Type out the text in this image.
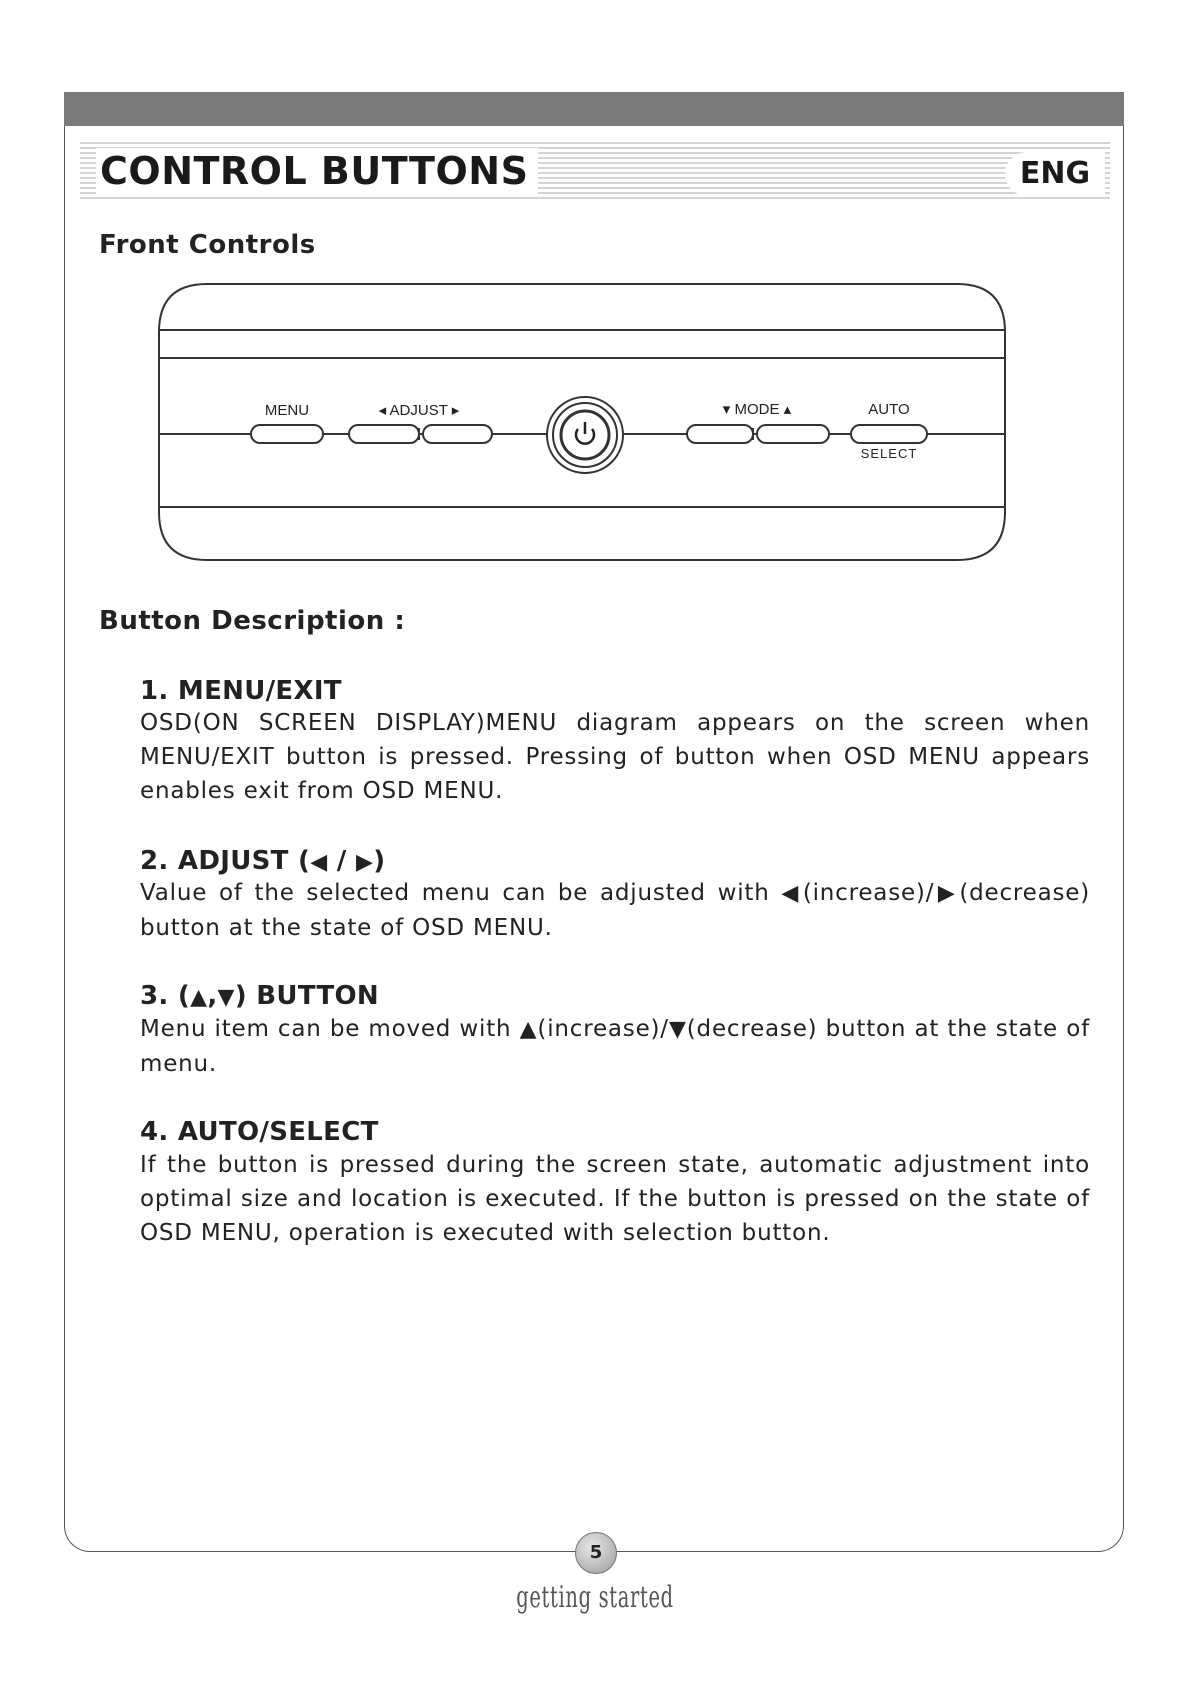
CONTROL BUTTONS	ENG
Front Controls
MENU	◂ ADJUST ▸	▾ MODE ▴	AUTO
SELECT
Button Description :
1. MENU/EXIT
OSD(ON SCREEN DISPLAY)MENU diagram appears on the screen when MENU/EXIT button is pressed. Pressing of button when OSD MENU appears enables exit from OSD MENU.
2. ADJUST (◀ / ▶)
Value of the selected menu can be adjusted with ◀(increase)/▶(decrease) button at the state of OSD MENU.
3. (▲,▼) BUTTON
Menu item can be moved with ▲(increase)/▼(decrease) button at the state of menu.
4. AUTO/SELECT
If the button is pressed during the screen state, automatic adjustment into optimal size and location is executed. If the button is pressed on the state of OSD MENU, operation is executed with selection button.
5
getting started
